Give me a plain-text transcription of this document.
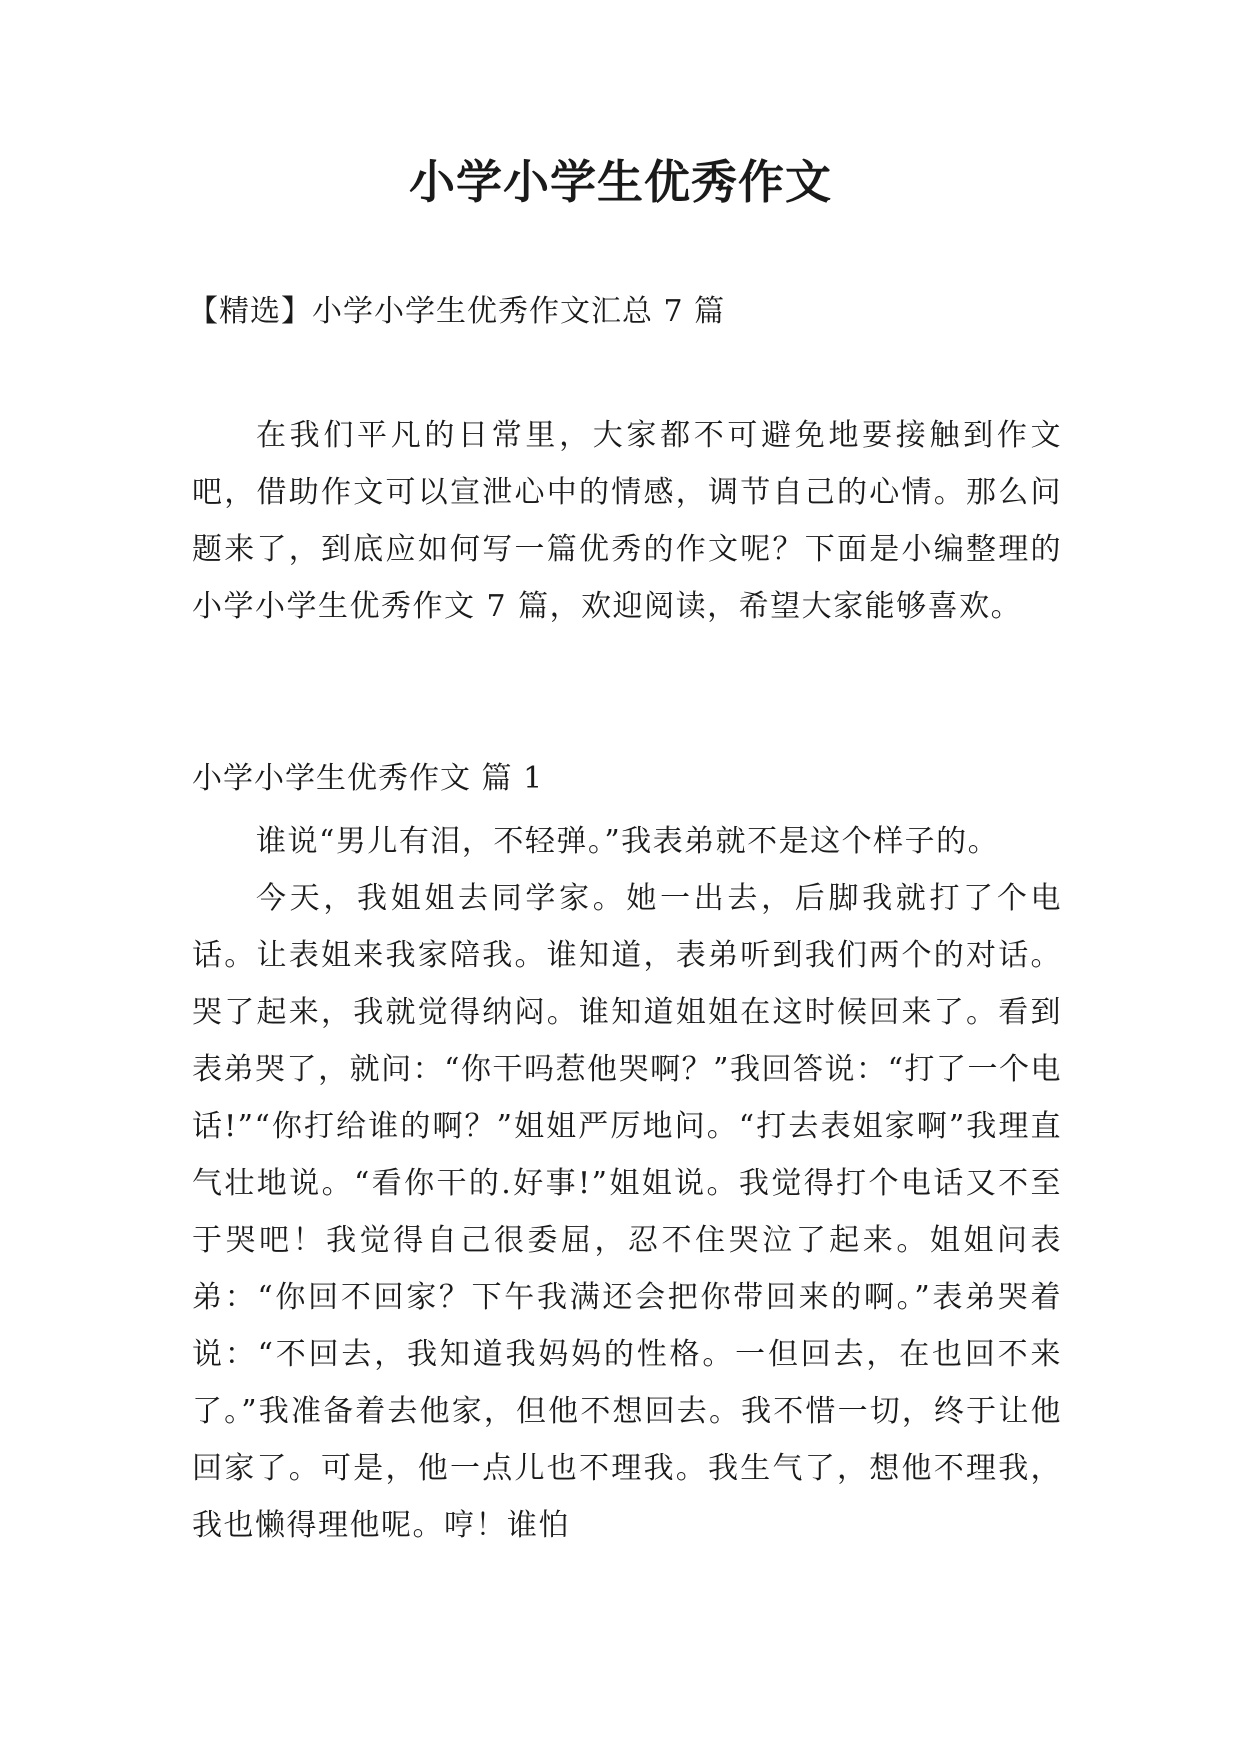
小学小学生优秀作文

【精选】小学小学生优秀作文汇总 7 篇

在我们平凡的日常里，大家都不可避免地要接触到作文吧，借助作文可以宣泄心中的情感，调节自己的心情。那么问题来了，到底应如何写一篇优秀的作文呢？下面是小编整理的小学小学生优秀作文 7 篇，欢迎阅读，希望大家能够喜欢。

小学小学生优秀作文 篇 1

谁说“男儿有泪，不轻弹。”我表弟就不是这个样子的。

今天，我姐姐去同学家。她一出去，后脚我就打了个电话。让表姐来我家陪我。谁知道，表弟听到我们两个的对话。哭了起来，我就觉得纳闷。谁知道姐姐在这时候回来了。看到表弟哭了，就问：“你干吗惹他哭啊？”我回答说：“打了一个电话!”“你打给谁的啊？”姐姐严厉地问。“打去表姐家啊”我理直气壮地说。“看你干的.好事!”姐姐说。我觉得打个电话又不至于哭吧！我觉得自己很委屈，忍不住哭泣了起来。姐姐问表弟：“你回不回家？下午我满还会把你带回来的啊。”表弟哭着说：“不回去，我知道我妈妈的性格。一但回去，在也回不来了。”我准备着去他家，但他不想回去。我不惜一切，终于让他回家了。可是，他一点儿也不理我。我生气了，想他不理我，我也懒得理他呢。哼！谁怕
